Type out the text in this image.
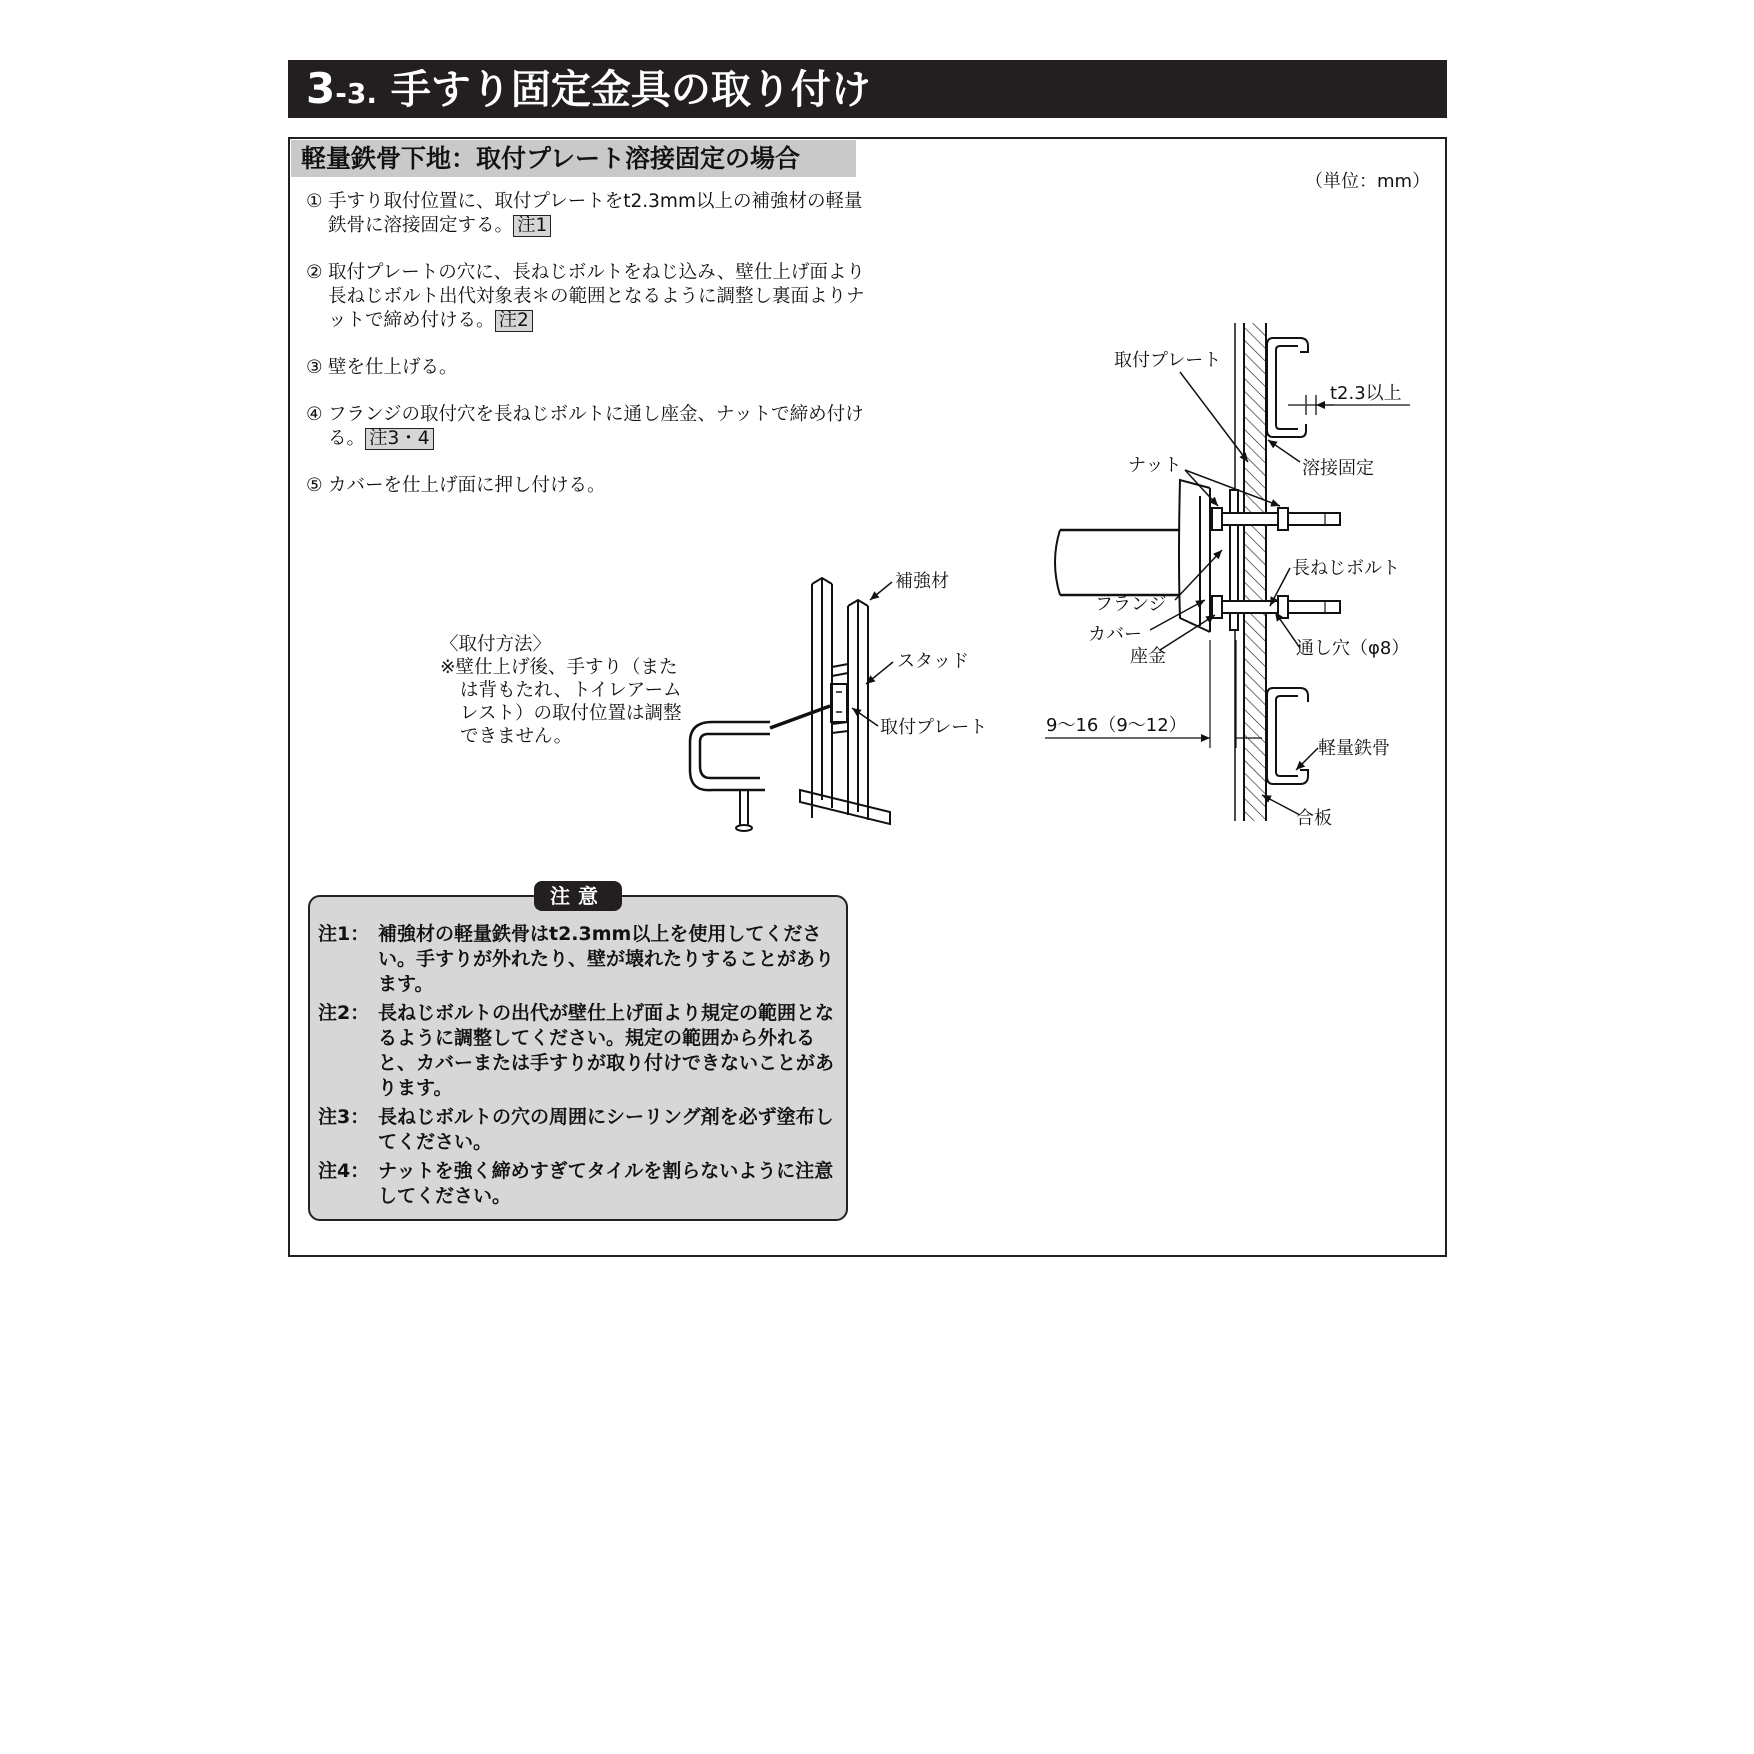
3-3. 手すり固定金具の取り付け
軽量鉄骨下地：取付プレート溶接固定の場合
（単位：mm）
① 手すり取付位置に、取付プレートをt2.3mm以上の補強材の軽量鉄骨に溶接固定する。 注1
② 取付プレートの穴に、長ねじボルトをねじ込み、壁仕上げ面より長ねじボルト出代対象表＊の範囲となるように調整し裏面よりナットで締め付ける。 注2
③ 壁を仕上げる。
④ フランジの取付穴を長ねじボルトに通し座金、ナットで締め付ける。 注3・4
⑤ カバーを仕上げ面に押し付ける。
〈取付方法〉
※壁仕上げ後、手すり（または背もたれ、トイレアームレスト）の取付位置は調整できません。
補強材
スタッド
取付プレート
取付プレート
t2.3以上
ナット	溶接固定
長ねじボルト
フランジ
カバー
座金	通し穴（φ8）
9～16（9～12）
軽量鉄骨
合板
注意
注1： 補強材の軽量鉄骨はt2.3mm以上を使用してください。手すりが外れたり、壁が壊れたりすることがあります。
注2： 長ねじボルトの出代が壁仕上げ面より規定の範囲となるように調整してください。規定の範囲から外れると、カバーまたは手すりが取り付けできないことがあります。
注3： 長ねじボルトの穴の周囲にシーリング剤を必ず塗布してください。
注4： ナットを強く締めすぎてタイルを割らないように注意してください。
